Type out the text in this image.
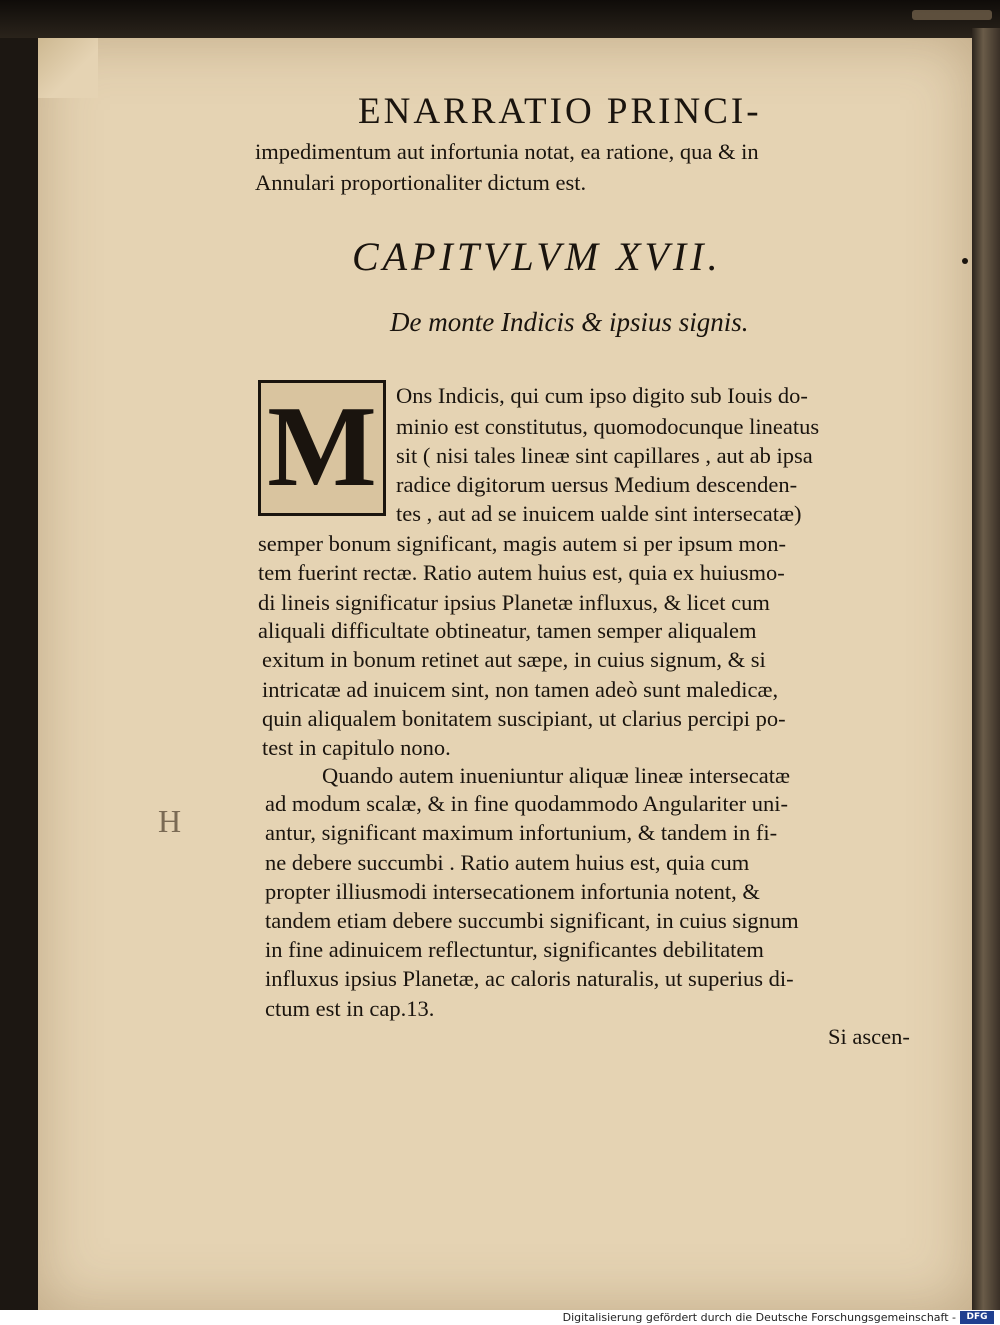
ENARRATIO PRINCI-
impedimentum aut infortunia notat, ea ratione, qua & in
Annulari proportionaliter dictum est.
CAPITVLVM XVII.
De monte Indicis & ipsius signis.
M Ons Indicis, qui cum ipso digito sub Iouis do-
minio est constitutus, quomodocunque lineatus
sit ( nisi tales lineæ sint capillares , aut ab ipsa
radice digitorum uersus Medium descenden-
tes , aut ad se inuicem ualde sint intersecatæ)
semper bonum significant, magis autem si per ipsum mon-
tem fuerint rectæ. Ratio autem huius est, quia ex huiusmo-
di lineis significatur ipsius Planetæ influxus, & licet cum
aliquali difficultate obtineatur, tamen semper aliqualem
exitum in bonum retinet aut sæpe, in cuius signum, & si
intricatæ ad inuicem sint, non tamen adeò sunt maledicæ,
quin aliqualem bonitatem suscipiant, ut clarius percipi po-
test in capitulo nono.
Quando autem inueniuntur aliquæ lineæ intersecatæ
ad modum scalæ, & in fine quodammodo Angulariter uni-
antur, significant maximum infortunium, & tandem in fi-
ne debere succumbi . Ratio autem huius est, quia cum
propter illiusmodi intersecationem infortunia notent, &
tandem etiam debere succumbi significant, in cuius signum
in fine adinuicem reflectuntur, significantes debilitatem
influxus ipsius Planetæ, ac caloris naturalis, ut superius di-
ctum est in cap.13.
Si ascen-
H
Digitalisierung gefördert durch die Deutsche Forschungsgemeinschaft -	DFG
